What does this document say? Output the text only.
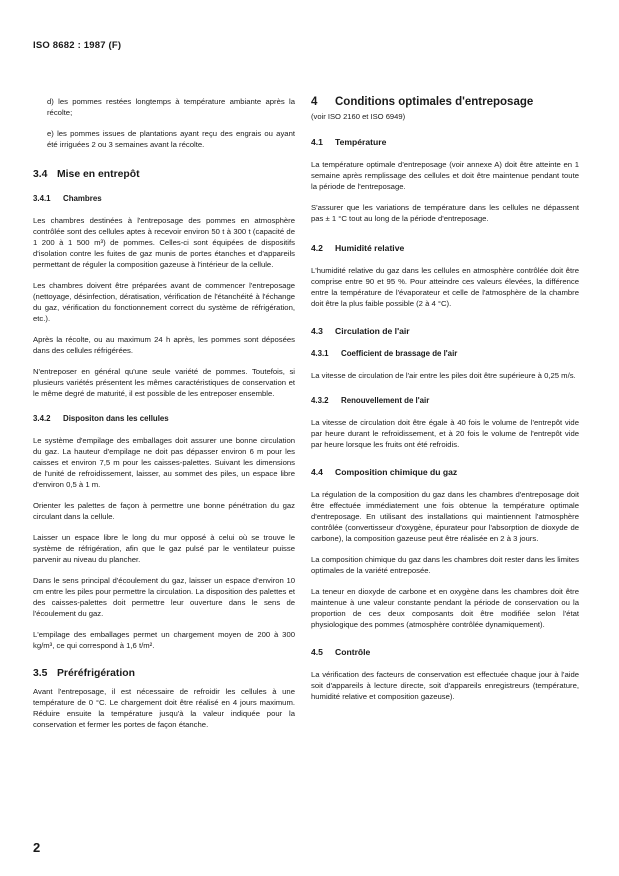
ISO 8682 : 1987 (F)

d) les pommes restées longtemps à température ambiante après la récolte;

e) les pommes issues de plantations ayant reçu des engrais ou ayant été irriguées 2 ou 3 semaines avant la récolte.

3.4 Mise en entrepôt
3.4.1 Chambres

Les chambres destinées à l'entreposage des pommes en atmosphère contrôlée sont des cellules aptes à recevoir environ 50 t à 300 t (capacité de 1 200 à 1 500 m³) de pommes. Celles-ci sont équipées de dispositifs d'isolation contre les fuites de gaz munis de portes étanches et d'appareils permettant de réguler la composition gazeuse à l'intérieur de la cellule.

Les chambres doivent être préparées avant de commencer l'entreposage (nettoyage, désinfection, dératisation, vérification de l'étanchéité à l'échange du gaz, vérification du fonctionnement correct du système de réfrigération, etc.).

Après la récolte, ou au maximum 24 h après, les pommes sont déposées dans des cellules réfrigérées.

N'entreposer en général qu'une seule variété de pommes. Toutefois, si plusieurs variétés présentent les mêmes caractéristiques de conservation et le même degré de maturité, il est possible de les entreposer ensemble.

3.4.2 Dispositon dans les cellules

Le système d'empilage des emballages doit assurer une bonne circulation du gaz. La hauteur d'empilage ne doit pas dépasser environ 6 m pour les caisses et environ 7,5 m pour les caisses-palettes. Suivant les dimensions de l'unité de refroidissement, laisser, au sommet des piles, un espace libre d'environ 0,5 à 1 m.

Orienter les palettes de façon à permettre une bonne pénétration du gaz circulant dans la cellule.

Laisser un espace libre le long du mur opposé à celui où se trouve le système de réfrigération, afin que le gaz pulsé par le ventilateur puisse parvenir au niveau du plancher.

Dans le sens principal d'écoulement du gaz, laisser un espace d'environ 10 cm entre les piles pour permettre la circulation. La disposition des palettes et des caisses-palettes doit permettre leur ouverture dans le sens de l'écoulement du gaz.

L'empilage des emballages permet un chargement moyen de 200 à 300 kg/m³, ce qui correspond à 1,6 t/m².

3.5 Préréfrigération

Avant l'entreposage, il est nécessaire de refroidir les cellules à une température de 0 °C. Le chargement doit être réalisé en 4 jours maximum. Réduire ensuite la température jusqu'à la valeur indiquée pour la conservation et fermer les portes de façon étanche.

4 Conditions optimales d'entreposage
(voir ISO 2160 et ISO 6949)
4.1 Température

La température optimale d'entreposage (voir annexe A) doit être atteinte en 1 semaine après remplissage des cellules et doit être maintenue pendant toute la période de l'entreposage.

S'assurer que les variations de température dans les cellules ne dépassent pas ± 1 °C tout au long de la période d'entreposage.

4.2 Humidité relative

L'humidité relative du gaz dans les cellules en atmosphère contrôlée doit être comprise entre 90 et 95 %. Pour atteindre ces valeurs élevées, la différence entre la température de l'évaporateur et celle de l'atmosphère de la chambre doit être la plus faible possible (2 à 4 °C).

4.3 Circulation de l'air
4.3.1 Coefficient de brassage de l'air

La vitesse de circulation de l'air entre les piles doit être supérieure à 0,25 m/s.

4.3.2 Renouvellement de l'air

La vitesse de circulation doit être égale à 40 fois le volume de l'entrepôt vide par heure durant le refroidissement, et à 20 fois le volume de l'entrepôt vide par heure lorsque les fruits ont été refroidis.

4.4 Composition chimique du gaz

La régulation de la composition du gaz dans les chambres d'entreposage doit être effectuée immédiatement une fois obtenue la température optimale d'entreposage. En utilisant des installations qui maintiennent l'atmosphère contrôlée (convertisseur d'oxygène, épurateur pour l'absorption de dioxyde de carbone), la composition gazeuse peut être réalisée en 2 à 3 jours.

La composition chimique du gaz dans les chambres doit rester dans les limites optimales de la variété entreposée.

La teneur en dioxyde de carbone et en oxygène dans les chambres doit être maintenue à une valeur constante pendant la période de conservation ou la proportion de ces deux composants doit être modifiée selon l'état physiologique des pommes (atmosphère contrôlée dynamiquement).

4.5 Contrôle

La vérification des facteurs de conservation est effectuée chaque jour à l'aide soit d'appareils à lecture directe, soit d'appareils enregistreurs (température, humidité relative et composition gazeuse).

2
